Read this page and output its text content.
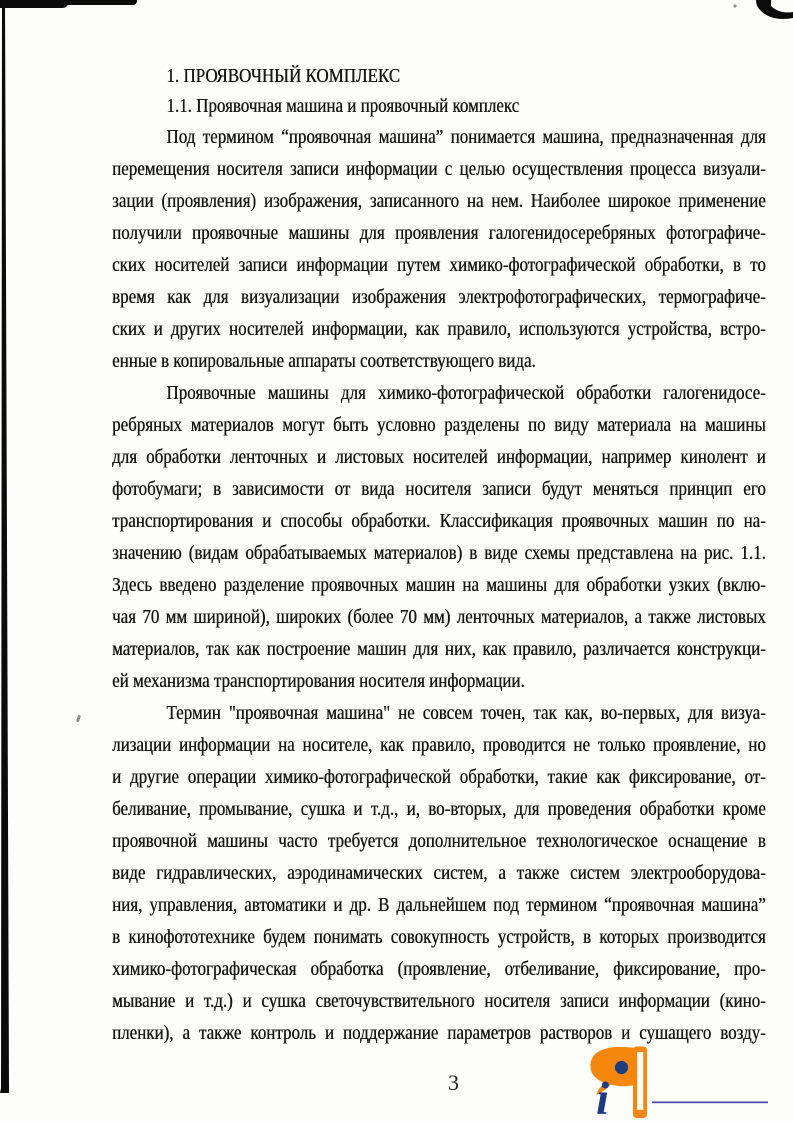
1. ПРОЯВОЧНЫЙ КОМПЛЕКС
1.1. Проявочная машина и проявочный комплекс
Под термином “проявочная машина” понимается машина, предназначенная для
перемещения носителя записи информации с целью осуществления процесса визуали-
зации (проявления) изображения, записанного на нем. Наиболее широкое применение
получили проявочные машины для проявления галогенидосеребряных фотографиче-
ских носителей записи информации путем химико-фотографической обработки, в то
время как для визуализации изображения электрофотографических, термографиче-
ских и других носителей информации, как правило, используются устройства, встро-
енные в копировальные аппараты соответствующего вида.
Проявочные машины для химико-фотографической обработки галогенидосе-
ребряных материалов могут быть условно разделены по виду материала на машины
для обработки ленточных и листовых носителей информации, например кинолент и
фотобумаги; в зависимости от вида носителя записи будут меняться принцип его
транспортирования и способы обработки. Классификация проявочных машин по на-
значению (видам обрабатываемых материалов) в виде схемы представлена на рис. 1.1.
Здесь введено разделение проявочных машин на машины для обработки узких (вклю-
чая 70 мм шириной), широких (более 70 мм) ленточных материалов, а также листовых
материалов, так как построение машин для них, как правило, различается конструкци-
ей механизма транспортирования носителя информации.
Термин "проявочная машина" не совсем точен, так как, во-первых, для визуа-
лизации информации на носителе, как правило, проводится не только проявление, но
и другие операции химико-фотографической обработки, такие как фиксирование, от-
беливание, промывание, сушка и т.д., и, во-вторых, для проведения обработки кроме
проявочной машины часто требуется дополнительное технологическое оснащение в
виде гидравлических, аэродинамических систем, а также систем электрооборудова-
ния, управления, автоматики и др. В дальнейшем под термином “проявочная машина”
в кинофототехнике будем понимать совокупность устройств, в которых производится
химико-фотографическая обработка (проявление, отбеливание, фиксирование, про-
мывание и т.д.) и сушка светочувствительного носителя записи информации (кино-
пленки), а также контроль и поддержание параметров растворов и сушащего возду-
3	i
